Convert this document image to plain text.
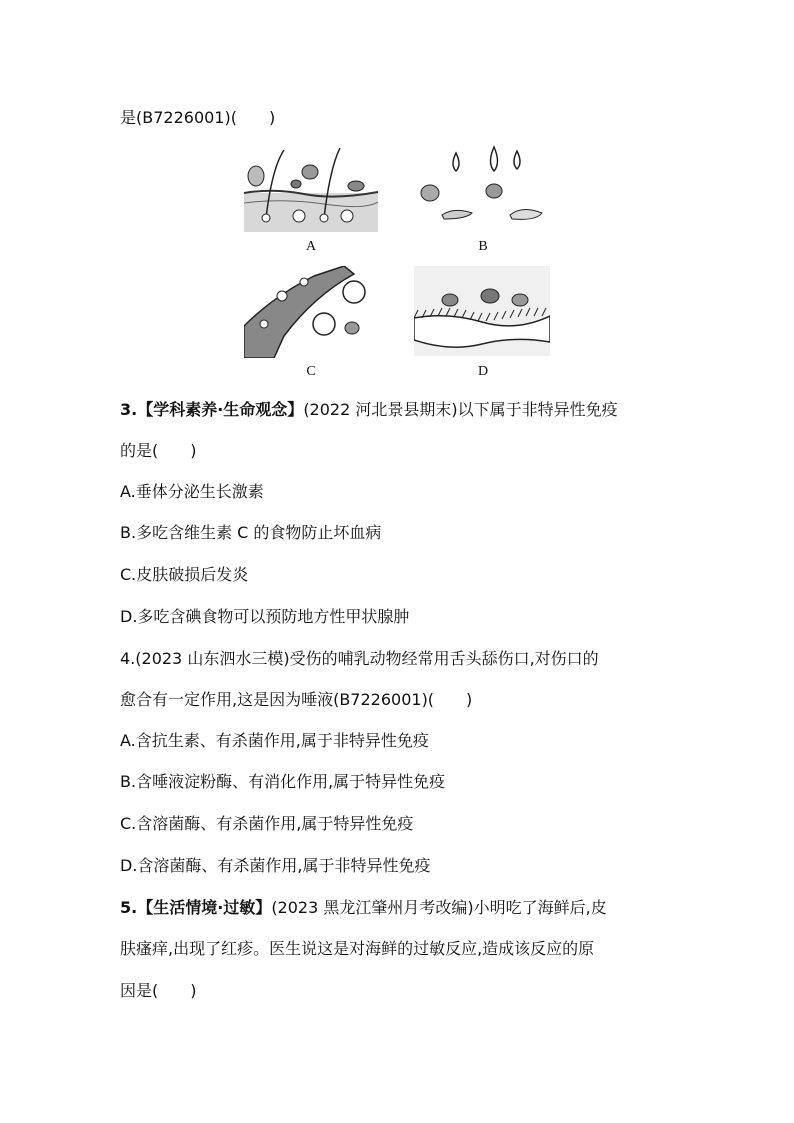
是(B7226001)(　　)
A	B
C	D
3.【学科素养·生命观念】(2022 河北景县期末)以下属于非特异性免疫
的是(　　)
A.垂体分泌生长激素
B.多吃含维生素 C 的食物防止坏血病
C.皮肤破损后发炎
D.多吃含碘食物可以预防地方性甲状腺肿
4.(2023 山东泗水三模)受伤的哺乳动物经常用舌头舔伤口,对伤口的
愈合有一定作用,这是因为唾液(B7226001)(　　)
A.含抗生素、有杀菌作用,属于非特异性免疫
B.含唾液淀粉酶、有消化作用,属于特异性免疫
C.含溶菌酶、有杀菌作用,属于特异性免疫
D.含溶菌酶、有杀菌作用,属于非特异性免疫
5.【生活情境·过敏】(2023 黑龙江肇州月考改编)小明吃了海鲜后,皮
肤瘙痒,出现了红疹。医生说这是对海鲜的过敏反应,造成该反应的原
因是(　　)
